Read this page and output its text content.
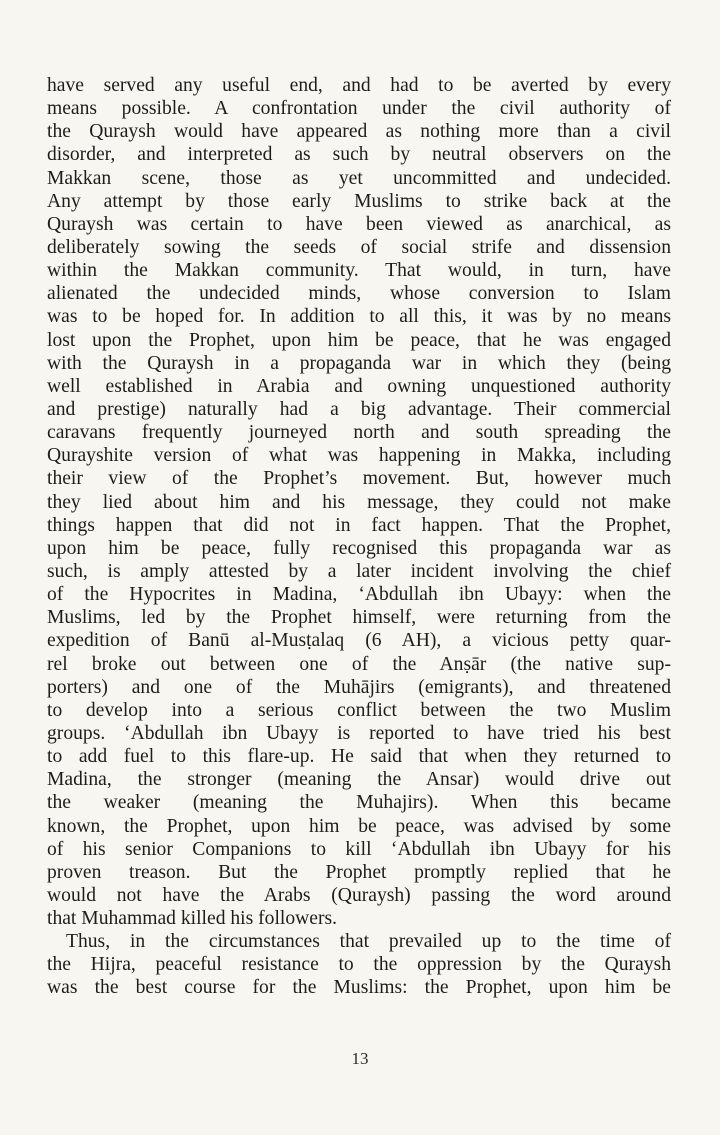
have served any useful end, and had to be averted by every
means possible. A confrontation under the civil authority of
the Quraysh would have appeared as nothing more than a civil
disorder, and interpreted as such by neutral observers on the
Makkan scene, those as yet uncommitted and undecided.
Any attempt by those early Muslims to strike back at the
Quraysh was certain to have been viewed as anarchical, as
deliberately sowing the seeds of social strife and dissension
within the Makkan community. That would, in turn, have
alienated the undecided minds, whose conversion to Islam
was to be hoped for. In addition to all this, it was by no means
lost upon the Prophet, upon him be peace, that he was engaged
with the Quraysh in a propaganda war in which they (being
well established in Arabia and owning unquestioned authority
and prestige) naturally had a big advantage. Their commercial
caravans frequently journeyed north and south spreading the
Qurayshite version of what was happening in Makka, including
their view of the Prophet’s movement. But, however much
they lied about him and his message, they could not make
things happen that did not in fact happen. That the Prophet,
upon him be peace, fully recognised this propaganda war as
such, is amply attested by a later incident involving the chief
of the Hypocrites in Madina, ‘Abdullah ibn Ubayy: when the
Muslims, led by the Prophet himself, were returning from the
expedition of Banū al-Musṭalaq (6 AH), a vicious petty quar-
rel broke out between one of the Anṣār (the native sup-
porters) and one of the Muhājirs (emigrants), and threatened
to develop into a serious conflict between the two Muslim
groups. ‘Abdullah ibn Ubayy is reported to have tried his best
to add fuel to this flare-up. He said that when they returned to
Madina, the stronger (meaning the Ansar) would drive out
the weaker (meaning the Muhajirs). When this became
known, the Prophet, upon him be peace, was advised by some
of his senior Companions to kill ‘Abdullah ibn Ubayy for his
proven treason. But the Prophet promptly replied that he
would not have the Arabs (Quraysh) passing the word around
that Muhammad killed his followers.
Thus, in the circumstances that prevailed up to the time of
the Hijra, peaceful resistance to the oppression by the Quraysh
was the best course for the Muslims: the Prophet, upon him be
13
